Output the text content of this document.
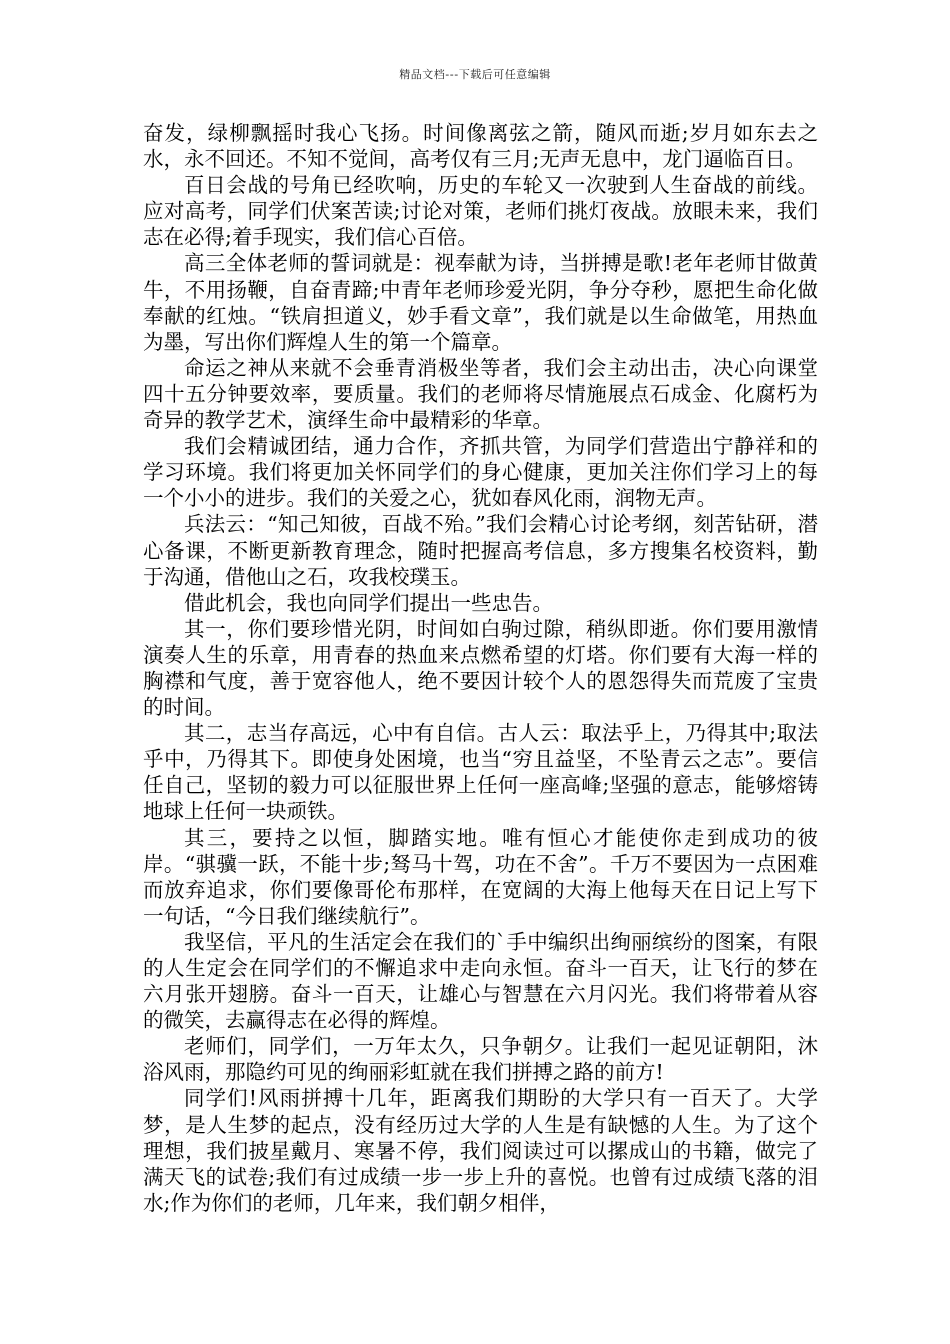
精品文档---下载后可任意编辑

奋发，绿柳飘摇时我心飞扬。时间像离弦之箭，随风而逝;岁月如东去之水，永不回还。不知不觉间，高考仅有三月;无声无息中，龙门逼临百日。

百日会战的号角已经吹响，历史的车轮又一次驶到人生奋战的前线。应对高考，同学们伏案苦读;讨论对策，老师们挑灯夜战。放眼未来，我们志在必得;着手现实，我们信心百倍。

高三全体老师的誓词就是：视奉献为诗，当拼搏是歌!老年老师甘做黄牛，不用扬鞭，自奋青蹄;中青年老师珍爱光阴，争分夺秒，愿把生命化做奉献的红烛。“铁肩担道义，妙手看文章”，我们就是以生命做笔，用热血为墨，写出你们辉煌人生的第一个篇章。

命运之神从来就不会垂青消极坐等者，我们会主动出击，决心向课堂四十五分钟要效率，要质量。我们的老师将尽情施展点石成金、化腐朽为奇异的教学艺术，演绎生命中最精彩的华章。

我们会精诚团结，通力合作，齐抓共管，为同学们营造出宁静祥和的学习环境。我们将更加关怀同学们的身心健康，更加关注你们学习上的每一个小小的进步。我们的关爱之心，犹如春风化雨，润物无声。

兵法云：“知己知彼，百战不殆。”我们会精心讨论考纲，刻苦钻研，潜心备课，不断更新教育理念，随时把握高考信息，多方搜集名校资料，勤于沟通，借他山之石，攻我校璞玉。

借此机会，我也向同学们提出一些忠告。

其一，你们要珍惜光阴，时间如白驹过隙，稍纵即逝。你们要用激情演奏人生的乐章，用青春的热血来点燃希望的灯塔。你们要有大海一样的胸襟和气度，善于宽容他人，绝不要因计较个人的恩怨得失而荒废了宝贵的时间。

其二，志当存高远，心中有自信。古人云：取法乎上，乃得其中;取法乎中，乃得其下。即使身处困境，也当“穷且益坚，不坠青云之志”。要信任自己，坚韧的毅力可以征服世界上任何一座高峰;坚强的意志，能够熔铸地球上任何一块顽铁。

其三，要持之以恒，脚踏实地。唯有恒心才能使你走到成功的彼岸。“骐骥一跃，不能十步;驽马十驾，功在不舍”。千万不要因为一点困难而放弃追求，你们要像哥伦布那样，在宽阔的大海上他每天在日记上写下一句话，“今日我们继续航行”。

我坚信，平凡的生活定会在我们的`手中编织出绚丽缤纷的图案，有限的人生定会在同学们的不懈追求中走向永恒。奋斗一百天，让飞行的梦在六月张开翅膀。奋斗一百天，让雄心与智慧在六月闪光。我们将带着从容的微笑，去赢得志在必得的辉煌。

老师们，同学们，一万年太久，只争朝夕。让我们一起见证朝阳，沐浴风雨，那隐约可见的绚丽彩虹就在我们拼搏之路的前方!

同学们!风雨拼搏十几年，距离我们期盼的大学只有一百天了。大学梦，是人生梦的起点，没有经历过大学的人生是有缺憾的人生。为了这个理想，我们披星戴月、寒暑不停，我们阅读过可以摞成山的书籍，做完了满天飞的试卷;我们有过成绩一步一步上升的喜悦。也曾有过成绩飞落的泪水;作为你们的老师，几年来，我们朝夕相伴，
